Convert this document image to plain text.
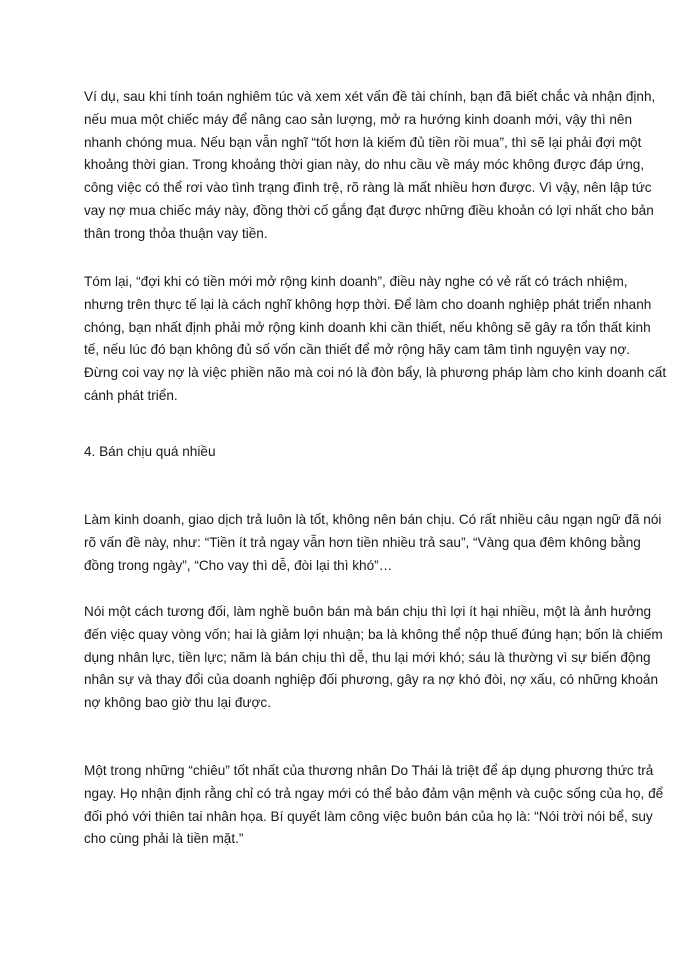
Ví dụ, sau khi tính toán nghiêm túc và xem xét vấn đề tài chính, bạn đã biết chắc và nhận định,
nếu mua một chiếc máy để nâng cao sản lượng, mở ra hướng kinh doanh mới, vậy thì nên
nhanh chóng mua. Nếu bạn vẫn nghĩ “tốt hơn là kiếm đủ tiền rồi mua”, thì sẽ lại phải đợi một
khoảng thời gian. Trong khoảng thời gian này, do nhu cầu về máy móc không được đáp ứng,
công việc có thể rơi vào tình trạng đình trệ, rõ ràng là mất nhiều hơn được. Vì vậy, nên lập tức
vay nợ mua chiếc máy này, đồng thời cố gắng đạt được những điều khoản có lợi nhất cho bản
thân trong thỏa thuận vay tiền.

Tóm lại, “đợi khi có tiền mới mở rộng kinh doanh”, điều này nghe có vẻ rất có trách nhiệm,
nhưng trên thực tế lại là cách nghĩ không hợp thời. Để làm cho doanh nghiệp phát triển nhanh
chóng, bạn nhất định phải mở rộng kinh doanh khi cần thiết, nếu không sẽ gây ra tổn thất kinh
tế, nếu lúc đó bạn không đủ số vốn cần thiết để mở rộng hãy cam tâm tình nguyện vay nợ.
Đừng coi vay nợ là việc phiền não mà coi nó là đòn bẩy, là phương pháp làm cho kinh doanh cất
cánh phát triển.

4. Bán chịu quá nhiều

Làm kinh doanh, giao dịch trả luôn là tốt, không nên bán chịu. Có rất nhiều câu ngạn ngữ đã nói
rõ vấn đề này, như: “Tiền ít trả ngay vẫn hơn tiền nhiều trả sau”, “Vàng qua đêm không bằng
đồng trong ngày”, “Cho vay thì dễ, đòi lại thì khó”…

Nói một cách tương đối, làm nghề buôn bán mà bán chịu thì lợi ít hại nhiều, một là ảnh hưởng
đến việc quay vòng vốn; hai là giảm lợi nhuận; ba là không thể nộp thuế đúng hạn; bốn là chiếm
dụng nhân lực, tiền lực; năm là bán chịu thì dễ, thu lại mới khó; sáu là thường vì sự biến động
nhân sự và thay đổi của doanh nghiệp đối phương, gây ra nợ khó đòi, nợ xấu, có những khoản
nợ không bao giờ thu lại được.

Một trong những “chiêu” tốt nhất của thương nhân Do Thái là triệt để áp dụng phương thức trả
ngay. Họ nhận định rằng chỉ có trả ngay mới có thể bảo đảm vận mệnh và cuộc sống của họ, để
đối phó với thiên tai nhân họa. Bí quyết làm công việc buôn bán của họ là: “Nói trời nói bể, suy
cho cùng phải là tiền mặt.”
